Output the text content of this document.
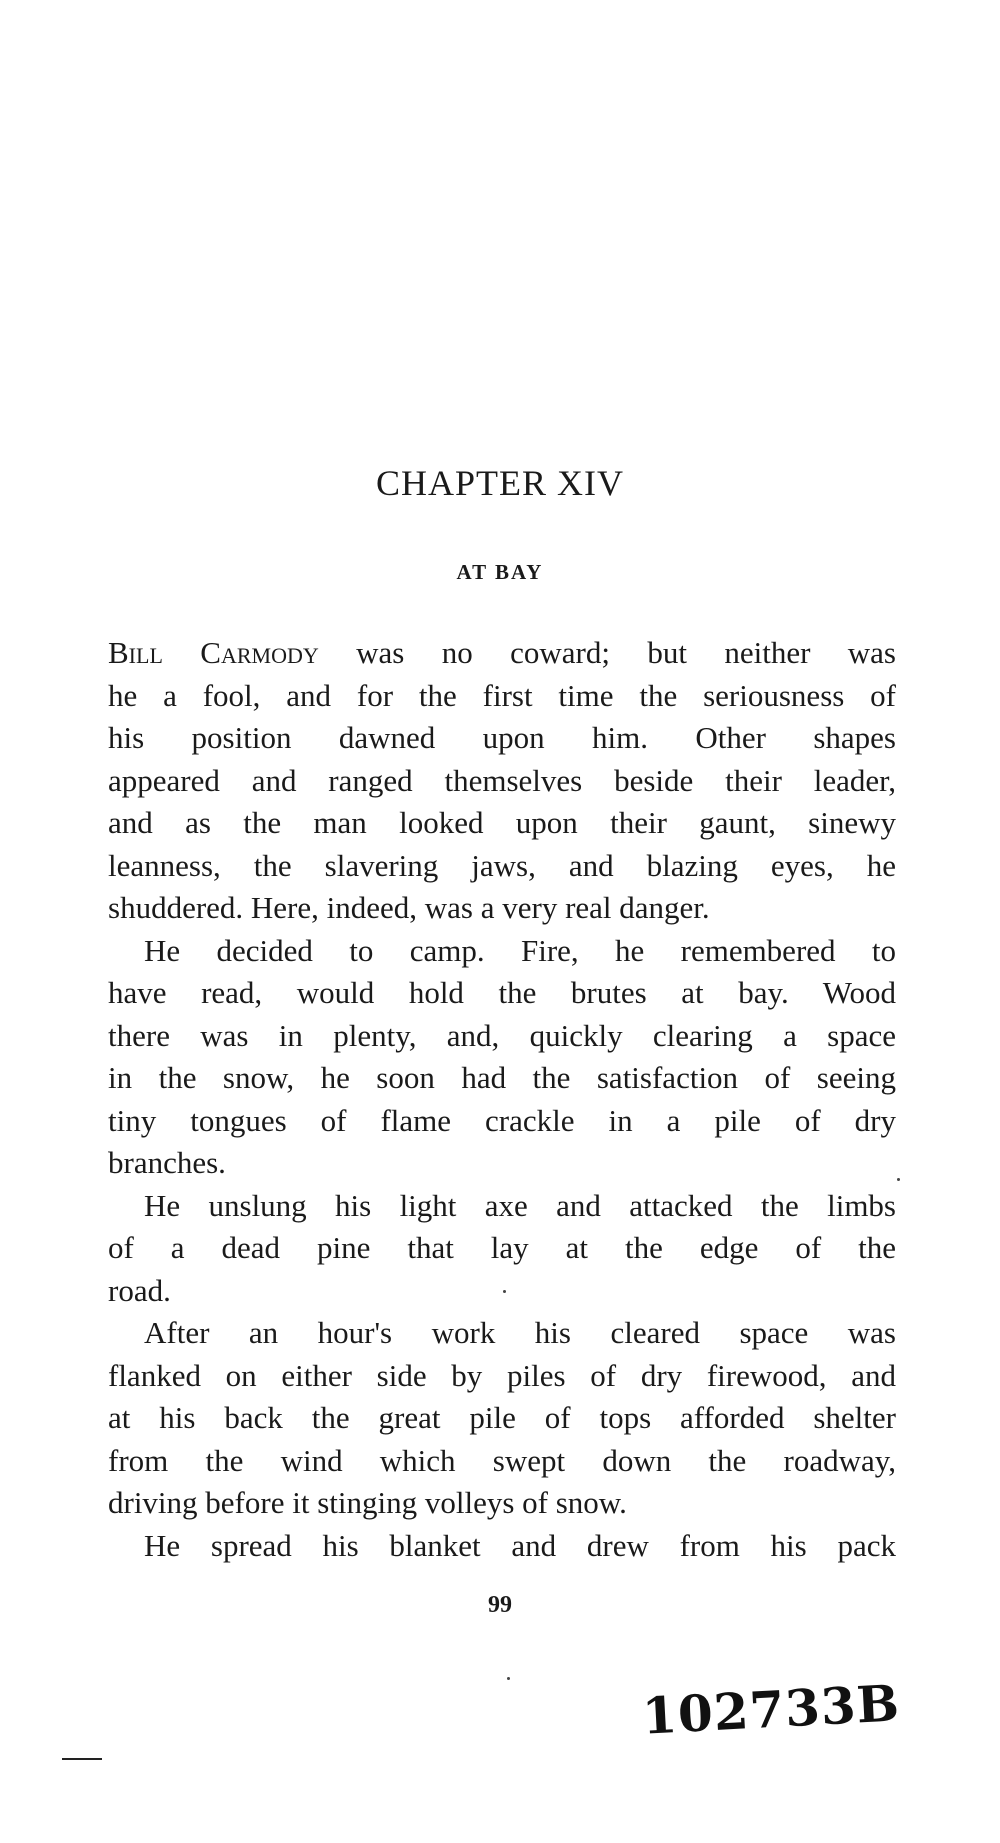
CHAPTER XIV
AT BAY
Bill Carmody was no coward; but neither was
he a fool, and for the first time the seriousness of
his position dawned upon him. Other shapes
appeared and ranged themselves beside their leader,
and as the man looked upon their gaunt, sinewy
leanness, the slavering jaws, and blazing eyes, he
shuddered. Here, indeed, was a very real danger.
He decided to camp. Fire, he remembered to
have read, would hold the brutes at bay. Wood
there was in plenty, and, quickly clearing a space
in the snow, he soon had the satisfaction of seeing
tiny tongues of flame crackle in a pile of dry
branches.
He unslung his light axe and attacked the limbs
of a dead pine that lay at the edge of the
road.
After an hour's work his cleared space was
flanked on either side by piles of dry firewood, and
at his back the great pile of tops afforded shelter
from the wind which swept down the roadway,
driving before it stinging volleys of snow.
He spread his blanket and drew from his pack
99
102733B
